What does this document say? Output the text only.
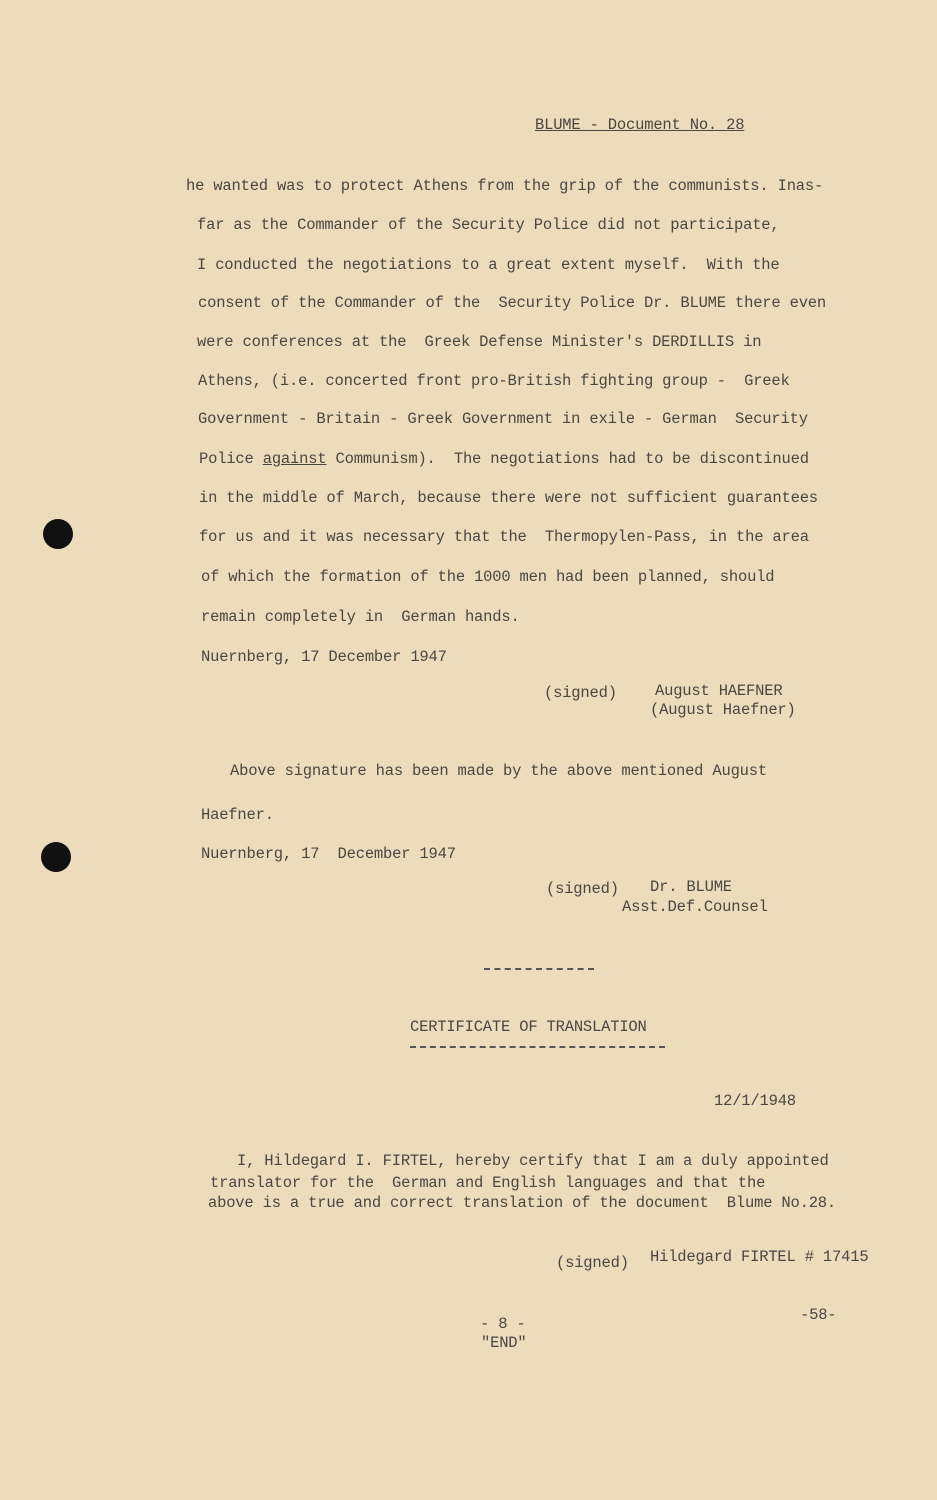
BLUME - Document No. 28
he wanted was to protect Athens from the grip of the communists. Inas-
far as the Commander of the Security Police did not participate,
I conducted the negotiations to a great extent myself.  With the
consent of the Commander of the  Security Police Dr. BLUME there even
were conferences at the  Greek Defense Minister's DERDILLIS in
Athens, (i.e. concerted front pro-British fighting group -  Greek
Government - Britain - Greek Government in exile - German  Security
Police against Communism).  The negotiations had to be discontinued
in the middle of March, because there were not sufficient guarantees
for us and it was necessary that the  Thermopylen-Pass, in the area
of which the formation of the 1000 men had been planned, should
remain completely in  German hands.
Nuernberg, 17 December 1947
(signed) August HAEFNER
(August Haefner)
Above signature has been made by the above mentioned August
Haefner.
Nuernberg, 17  December 1947
(signed) Dr. BLUME
Asst.Def.Counsel
CERTIFICATE OF TRANSLATION
12/1/1948
I, Hildegard I. FIRTEL, hereby certify that I am a duly appointed
translator for the  German and English languages and that the
above is a true and correct translation of the document  Blume No.28.
(signed) Hildegard FIRTEL # 17415
- 8 -
"END"
-58-
